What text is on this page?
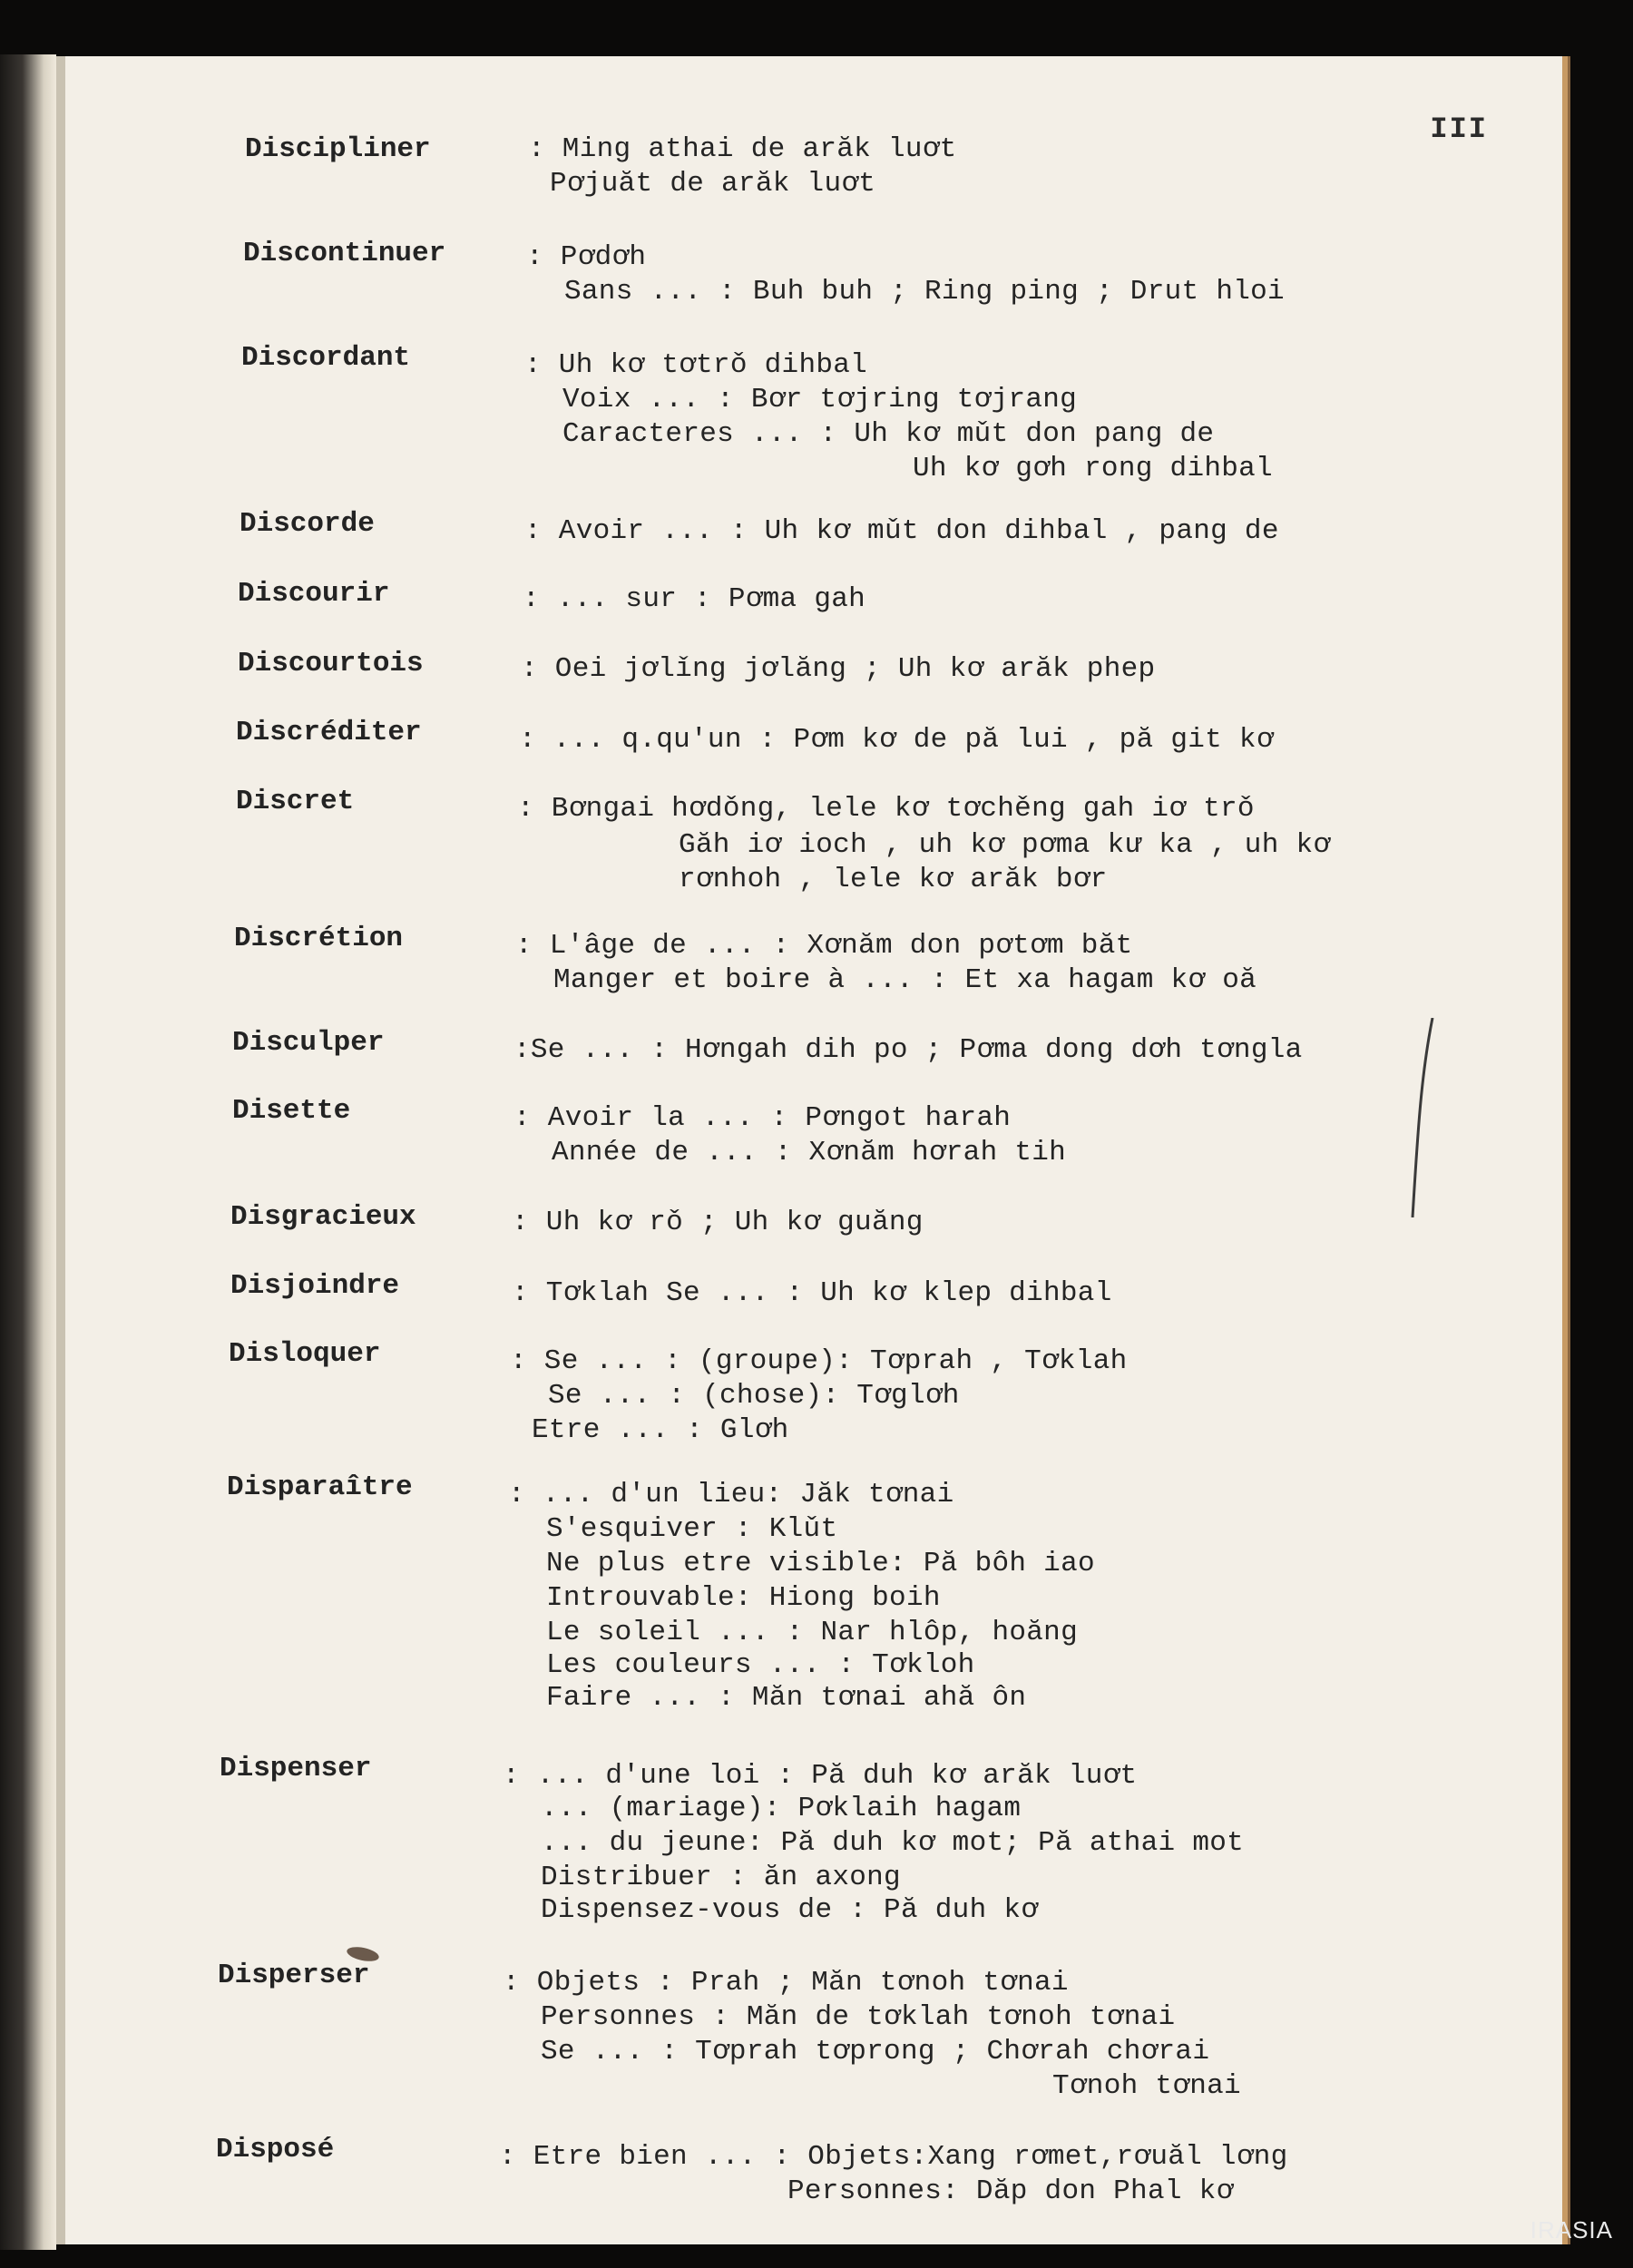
III
Discipliner	: Ming athai de arăk luơt
Pơjuăt de arăk luơt
Discontinuer	: Pơdơh
Sans ... : Buh buh ; Ring ping ; Drut hloi
Discordant	: Uh kơ tơtrǒ dihbal
Voix ... : Bơr tơjring tơjrang
Caracteres ... : Uh kơ mǔt don pang de
Uh kơ gơh rong dihbal
Discorde	: Avoir ... : Uh kơ mǔt don dihbal , pang de
Discourir	: ... sur : Pơma gah
Discourtois	: Oei jơlǐng jơlăng ; Uh kơ arăk phep
Discréditer	: ... q.qu'un : Pơm kơ de pă lui , pă git kơ
Discret	: Bơngai hơdǒng, lele kơ tơchěng gah iơ trǒ
Găh iơ ioch , uh kơ pơma kư ka , uh kơ
rơnhoh , lele kơ arăk bơr
Discrétion	: L'âge de ... : Xơnăm don pơtơm băt
Manger et boire à ... : Et xa hagam kơ oă
Disculper	:Se ... : Hơngah dih po ; Pơma dong dơh tơngla
Disette	: Avoir la ... : Pơngot harah
Année de ... : Xơnăm hơrah tih
Disgracieux	: Uh kơ rǒ ; Uh kơ guăng
Disjoindre	: Tơklah Se ... : Uh kơ klep dihbal
Disloquer	: Se ... : (groupe): Tơprah , Tơklah
Se ... : (chose): Tơglơh
Etre ... : Glơh
Disparaître	: ... d'un lieu: Jăk tơnai
S'esquiver : Klǔt
Ne plus etre visible: Pă bôh iao
Introuvable: Hiong boih
Le soleil ... : Nar hlôp, hoăng
Les couleurs ... : Tơkloh
Faire ... : Măn tơnai ahă ôn
Dispenser	: ... d'une loi : Pă duh kơ arăk luơt
... (mariage): Pơklaih hagam
... du jeune: Pă duh kơ mot; Pă athai mot
Distribuer : ăn axong
Dispensez-vous de : Pă duh kơ
Disperser	: Objets : Prah ; Măn tơnoh tơnai
Personnes : Măn de tơklah tơnoh tơnai
Se ... : Tơprah tơprong ; Chơrah chơrai
Tơnoh tơnai
Disposé	: Etre bien ... : Objets:Xang rơmet,rơuăl lơng
Personnes: Dăp don Phal kơ
IRASIA
